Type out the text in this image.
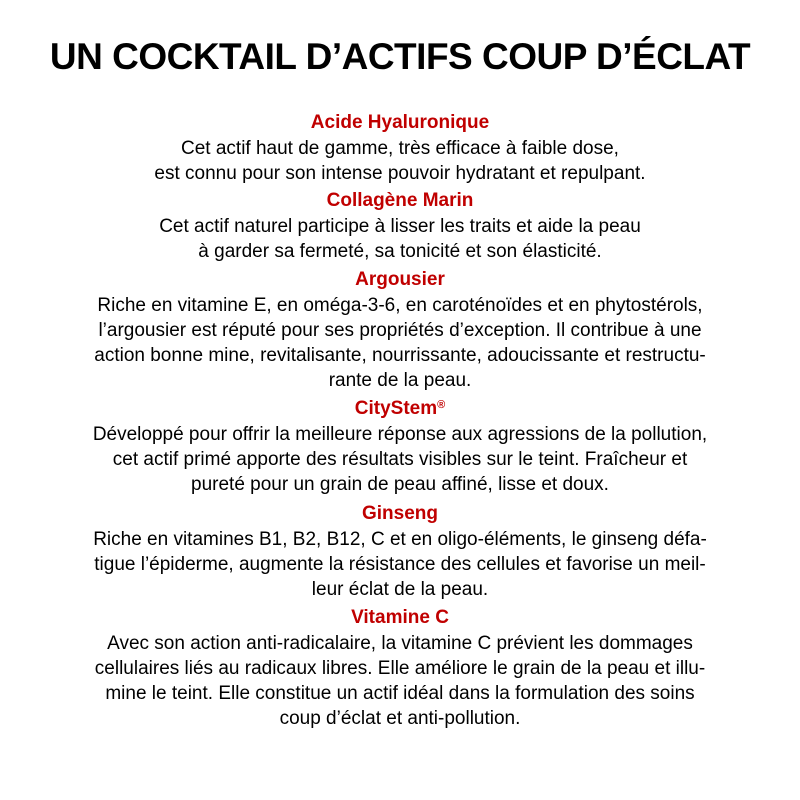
UN COCKTAIL D’ACTIFS COUP D’ÉCLAT

Acide Hyaluronique

Cet actif haut de gamme, très efficace à faible dose,
est connu pour son intense pouvoir hydratant et repulpant.

Collagène Marin

Cet actif naturel participe à lisser les traits et aide la peau
à garder sa fermeté, sa tonicité et son élasticité.

Argousier

Riche en vitamine E, en oméga-3-6, en caroténoïdes et en phytostérols,
l’argousier est réputé pour ses propriétés d’exception. Il contribue à une
action bonne mine, revitalisante, nourrissante, adoucissante et restructu-
rante de la peau.

CityStem®

Développé pour offrir la meilleure réponse aux agressions de la pollution,
cet actif primé apporte des résultats visibles sur le teint. Fraîcheur et
pureté pour un grain de peau affiné, lisse et doux.

Ginseng

Riche en vitamines B1, B2, B12, C et en oligo-éléments, le ginseng défa-
tigue l’épiderme, augmente la résistance des cellules et favorise un meil-
leur éclat de la peau.

Vitamine C

Avec son action anti-radicalaire, la vitamine C prévient les dommages
cellulaires liés au radicaux libres. Elle améliore le grain de la peau et illu-
mine le teint. Elle constitue un actif idéal dans la formulation des soins
coup d’éclat et anti-pollution.
